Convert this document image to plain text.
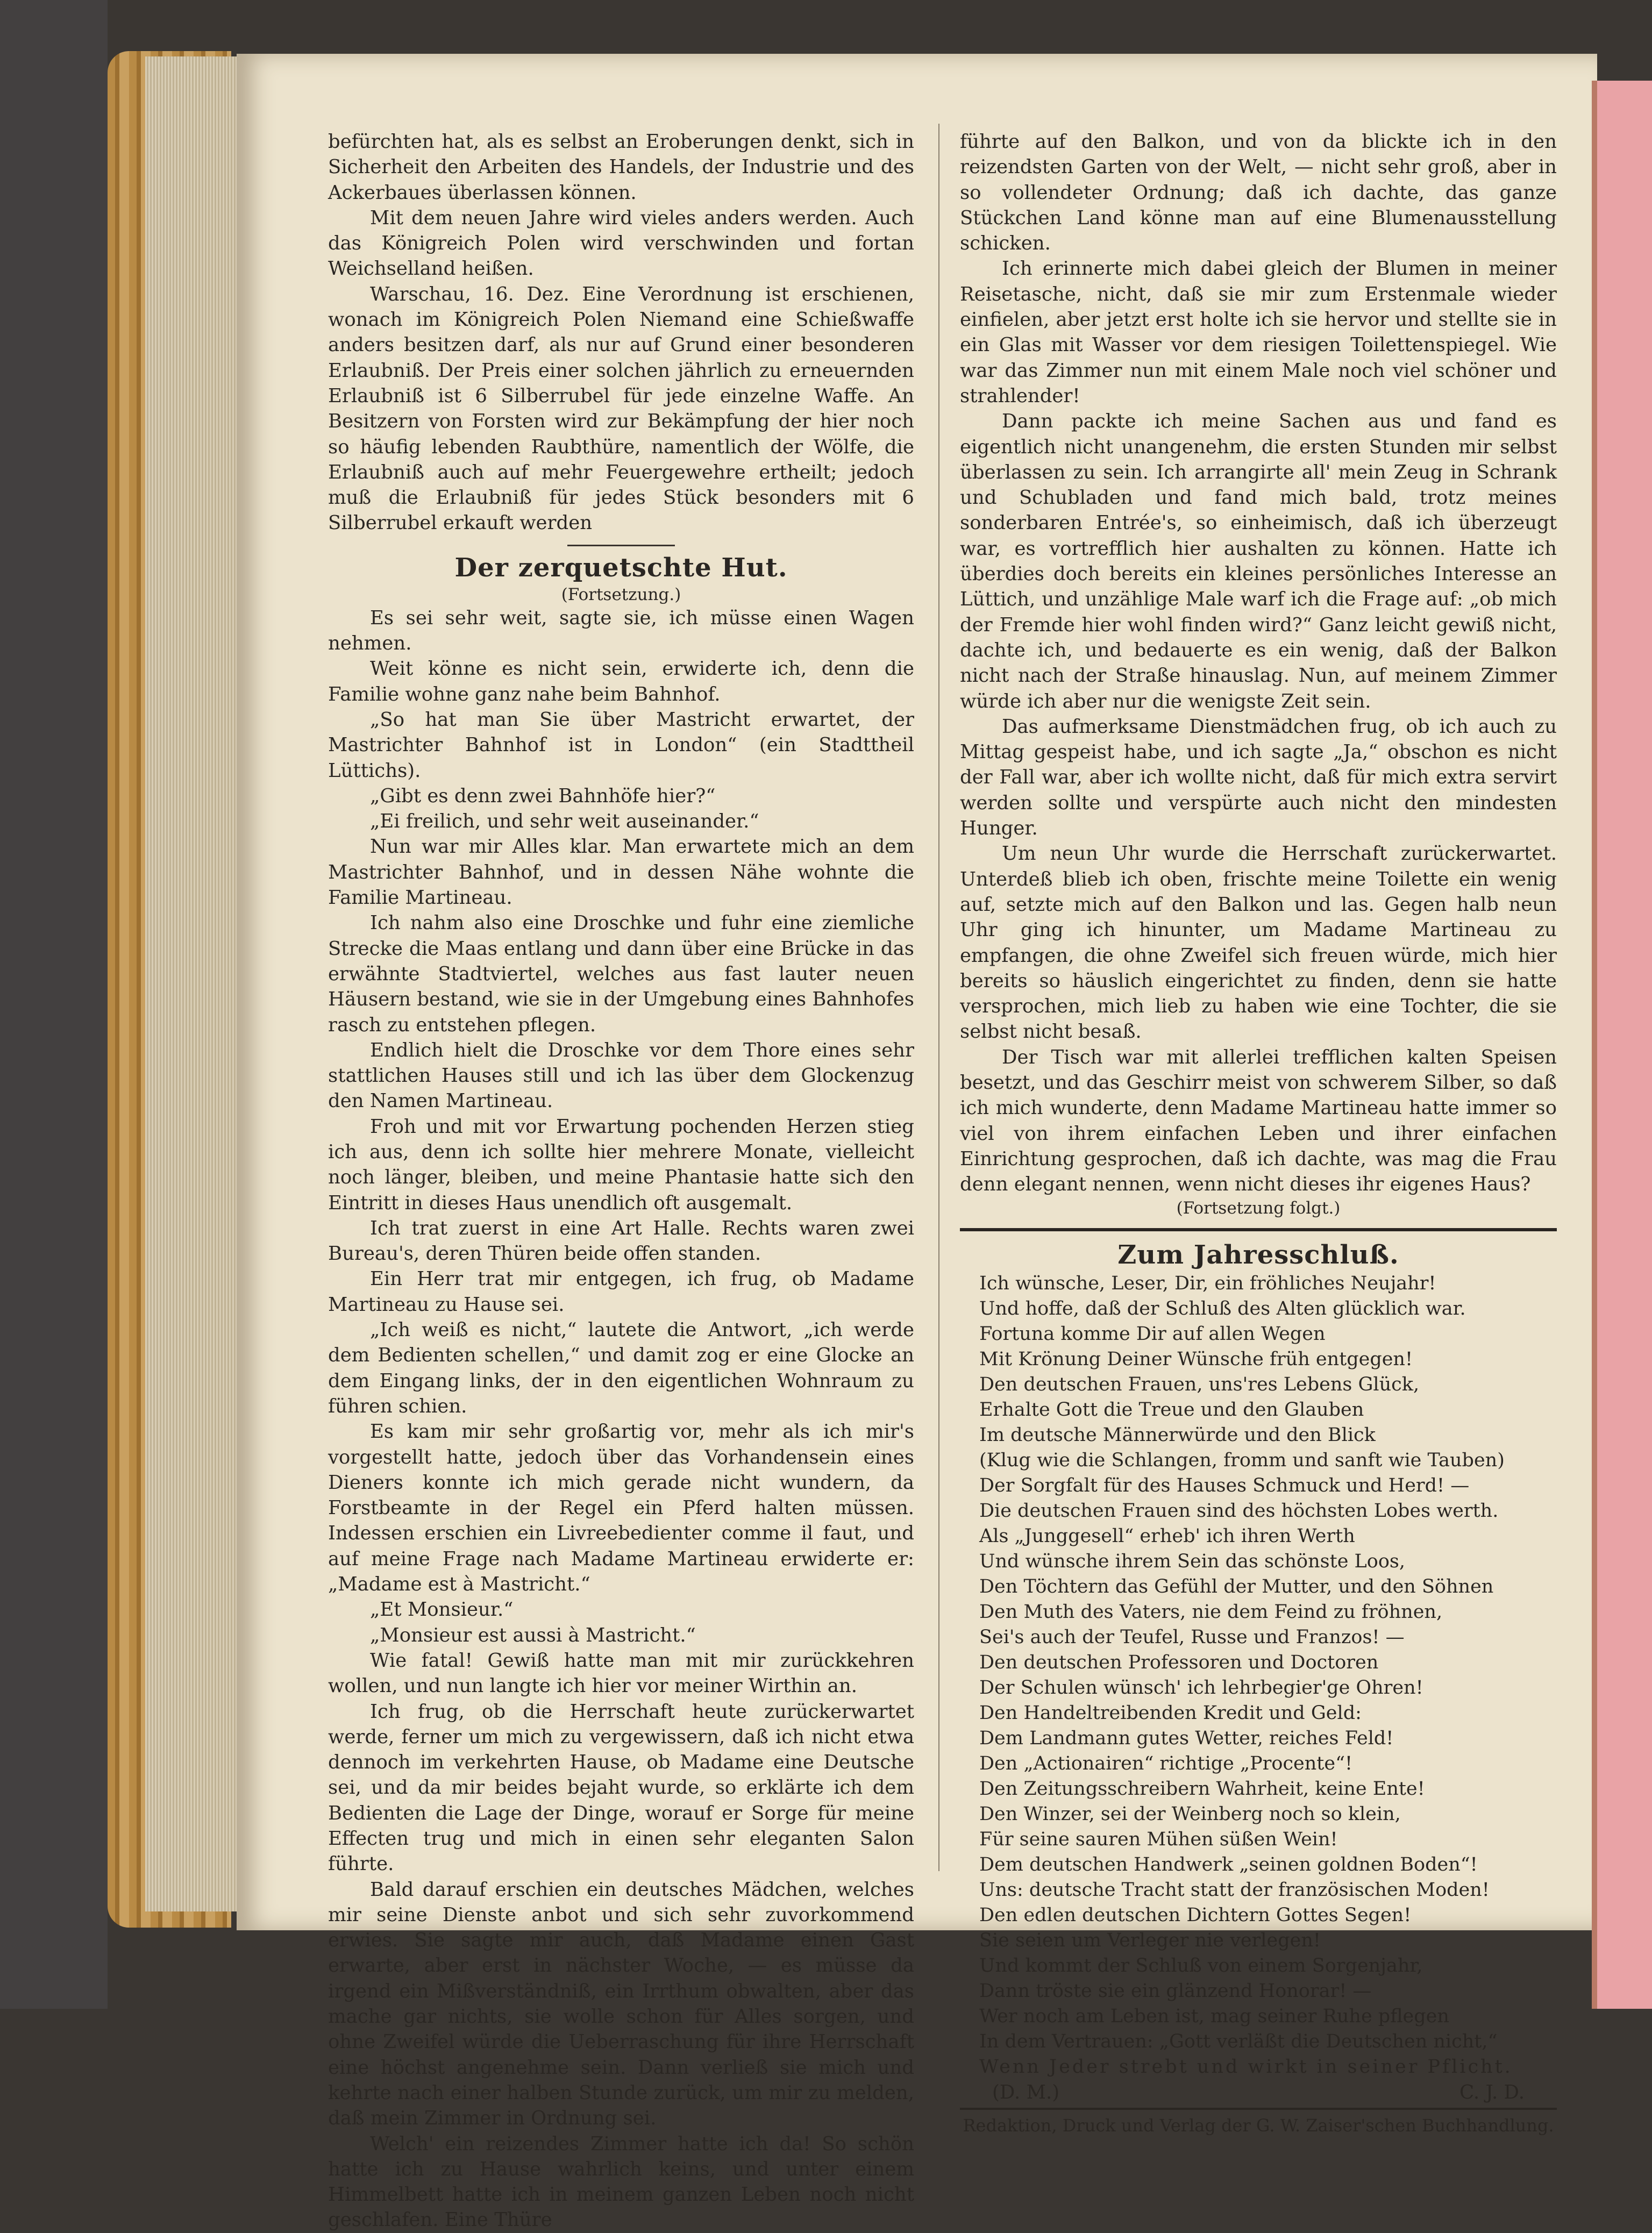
befürchten hat, als es selbst an Eroberungen denkt, sich in Sicherheit den Arbeiten des Handels, der Industrie und des Ackerbaues überlassen können.

Mit dem neuen Jahre wird vieles anders werden. Auch das Königreich Polen wird verschwinden und fortan Weichselland heißen.

Warschau, 16. Dez. Eine Verordnung ist erschienen, wonach im Königreich Polen Niemand eine Schießwaffe anders besitzen darf, als nur auf Grund einer besonderen Erlaubniß. Der Preis einer solchen jährlich zu erneuernden Erlaubniß ist 6 Silberrubel für jede einzelne Waffe. An Besitzern von Forsten wird zur Bekämpfung der hier noch so häufig lebenden Raubthüre, namentlich der Wölfe, die Erlaubniß auch auf mehr Feuergewehre ertheilt; jedoch muß die Erlaubniß für jedes Stück besonders mit 6 Silberrubel erkauft werden

Der zerquetschte Hut.
(Fortsetzung.)

Es sei sehr weit, sagte sie, ich müsse einen Wagen nehmen.

Weit könne es nicht sein, erwiderte ich, denn die Familie wohne ganz nahe beim Bahnhof.

„So hat man Sie über Mastricht erwartet, der Mastrichter Bahnhof ist in London“ (ein Stadttheil Lüttichs).

„Gibt es denn zwei Bahnhöfe hier?“

„Ei freilich, und sehr weit auseinander.“

Nun war mir Alles klar. Man erwartete mich an dem Mastrichter Bahnhof, und in dessen Nähe wohnte die Familie Martineau.

Ich nahm also eine Droschke und fuhr eine ziemliche Strecke die Maas entlang und dann über eine Brücke in das erwähnte Stadtviertel, welches aus fast lauter neuen Häusern bestand, wie sie in der Umgebung eines Bahnhofes rasch zu entstehen pflegen.

Endlich hielt die Droschke vor dem Thore eines sehr stattlichen Hauses still und ich las über dem Glockenzug den Namen Martineau.

Froh und mit vor Erwartung pochenden Herzen stieg ich aus, denn ich sollte hier mehrere Monate, vielleicht noch länger, bleiben, und meine Phantasie hatte sich den Eintritt in dieses Haus unendlich oft ausgemalt.

Ich trat zuerst in eine Art Halle. Rechts waren zwei Bureau's, deren Thüren beide offen standen.

Ein Herr trat mir entgegen, ich frug, ob Madame Martineau zu Hause sei.

„Ich weiß es nicht,“ lautete die Antwort, „ich werde dem Bedienten schellen,“ und damit zog er eine Glocke an dem Eingang links, der in den eigentlichen Wohnraum zu führen schien.

Es kam mir sehr großartig vor, mehr als ich mir's vorgestellt hatte, jedoch über das Vorhandensein eines Dieners konnte ich mich gerade nicht wundern, da Forstbeamte in der Regel ein Pferd halten müssen. Indessen erschien ein Livreebedienter comme il faut, und auf meine Frage nach Madame Martineau erwiderte er: „Madame est à Mastricht.“

„Et Monsieur.“

„Monsieur est aussi à Mastricht.“

Wie fatal! Gewiß hatte man mit mir zurückkehren wollen, und nun langte ich hier vor meiner Wirthin an.

Ich frug, ob die Herrschaft heute zurückerwartet werde, ferner um mich zu vergewissern, daß ich nicht etwa dennoch im verkehrten Hause, ob Madame eine Deutsche sei, und da mir beides bejaht wurde, so erklärte ich dem Bedienten die Lage der Dinge, worauf er Sorge für meine Effecten trug und mich in einen sehr eleganten Salon führte.

Bald darauf erschien ein deutsches Mädchen, welches mir seine Dienste anbot und sich sehr zuvorkommend erwies. Sie sagte mir auch, daß Madame einen Gast erwarte, aber erst in nächster Woche, — es müsse da irgend ein Mißverständniß, ein Irrthum obwalten, aber das mache gar nichts, sie wolle schon für Alles sorgen, und ohne Zweifel würde die Ueberraschung für ihre Herrschaft eine höchst angenehme sein. Dann verließ sie mich und kehrte nach einer halben Stunde zurück, um mir zu melden, daß mein Zimmer in Ordnung sei.

Welch' ein reizendes Zimmer hatte ich da! So schön hatte ich zu Hause wahrlich keins, und unter einem Himmelbett hatte ich in meinem ganzen Leben noch nicht geschlafen. Eine Thüre

führte auf den Balkon, und von da blickte ich in den reizendsten Garten von der Welt, — nicht sehr groß, aber in so vollendeter Ordnung; daß ich dachte, das ganze Stückchen Land könne man auf eine Blumenausstellung schicken.

Ich erinnerte mich dabei gleich der Blumen in meiner Reisetasche, nicht, daß sie mir zum Erstenmale wieder einfielen, aber jetzt erst holte ich sie hervor und stellte sie in ein Glas mit Wasser vor dem riesigen Toilettenspiegel. Wie war das Zimmer nun mit einem Male noch viel schöner und strahlender!

Dann packte ich meine Sachen aus und fand es eigentlich nicht unangenehm, die ersten Stunden mir selbst überlassen zu sein. Ich arrangirte all' mein Zeug in Schrank und Schubladen und fand mich bald, trotz meines sonderbaren Entrée's, so einheimisch, daß ich überzeugt war, es vortrefflich hier aushalten zu können. Hatte ich überdies doch bereits ein kleines persönliches Interesse an Lüttich, und unzählige Male warf ich die Frage auf: „ob mich der Fremde hier wohl finden wird?“ Ganz leicht gewiß nicht, dachte ich, und bedauerte es ein wenig, daß der Balkon nicht nach der Straße hinauslag. Nun, auf meinem Zimmer würde ich aber nur die wenigste Zeit sein.

Das aufmerksame Dienstmädchen frug, ob ich auch zu Mittag gespeist habe, und ich sagte „Ja,“ obschon es nicht der Fall war, aber ich wollte nicht, daß für mich extra servirt werden sollte und verspürte auch nicht den mindesten Hunger.

Um neun Uhr wurde die Herrschaft zurückerwartet. Unterdeß blieb ich oben, frischte meine Toilette ein wenig auf, setzte mich auf den Balkon und las. Gegen halb neun Uhr ging ich hinunter, um Madame Martineau zu empfangen, die ohne Zweifel sich freuen würde, mich hier bereits so häuslich eingerichtet zu finden, denn sie hatte versprochen, mich lieb zu haben wie eine Tochter, die sie selbst nicht besaß.

Der Tisch war mit allerlei trefflichen kalten Speisen besetzt, und das Geschirr meist von schwerem Silber, so daß ich mich wunderte, denn Madame Martineau hatte immer so viel von ihrem einfachen Leben und ihrer einfachen Einrichtung gesprochen, daß ich dachte, was mag die Frau denn elegant nennen, wenn nicht dieses ihr eigenes Haus?

(Fortsetzung folgt.)
Zum Jahresschluß.
Ich wünsche, Leser, Dir, ein fröhliches Neujahr!
Und hoffe, daß der Schluß des Alten glücklich war.
Fortuna komme Dir auf allen Wegen
Mit Krönung Deiner Wünsche früh entgegen!
Den deutschen Frauen, uns'res Lebens Glück,
Erhalte Gott die Treue und den Glauben
Im deutsche Männerwürde und den Blick
(Klug wie die Schlangen, fromm und sanft wie Tauben)
Der Sorgfalt für des Hauses Schmuck und Herd! —
Die deutschen Frauen sind des höchsten Lobes werth.
Als „Junggesell“ erheb' ich ihren Werth
Und wünsche ihrem Sein das schönste Loos,
Den Töchtern das Gefühl der Mutter, und den Söhnen
Den Muth des Vaters, nie dem Feind zu fröhnen,
Sei's auch der Teufel, Russe und Franzos! —
Den deutschen Professoren und Doctoren
Der Schulen wünsch' ich lehrbegier'ge Ohren!
Den Handeltreibenden Kredit und Geld:
Dem Landmann gutes Wetter, reiches Feld!
Den „Actionairen“ richtige „Procente“!
Den Zeitungsschreibern Wahrheit, keine Ente!
Den Winzer, sei der Weinberg noch so klein,
Für seine sauren Mühen süßen Wein!
Dem deutschen Handwerk „seinen goldnen Boden“!
Uns: deutsche Tracht statt der französischen Moden!
Den edlen deutschen Dichtern Gottes Segen!
Sie seien um Verleger nie verlegen!
Und kommt der Schluß von einem Sorgenjahr,
Dann tröste sie ein glänzend Honorar! —
Wer noch am Leben ist, mag seiner Ruhe pflegen
In dem Vertrauen: „Gott verläßt die Deutschen nicht,“
Wenn Jeder strebt und wirkt in seiner Pflicht.
(D. M.)	C. J. D.
Redaktion, Druck und Verlag der G. W. Zaiser'schen Buchhandlung.
